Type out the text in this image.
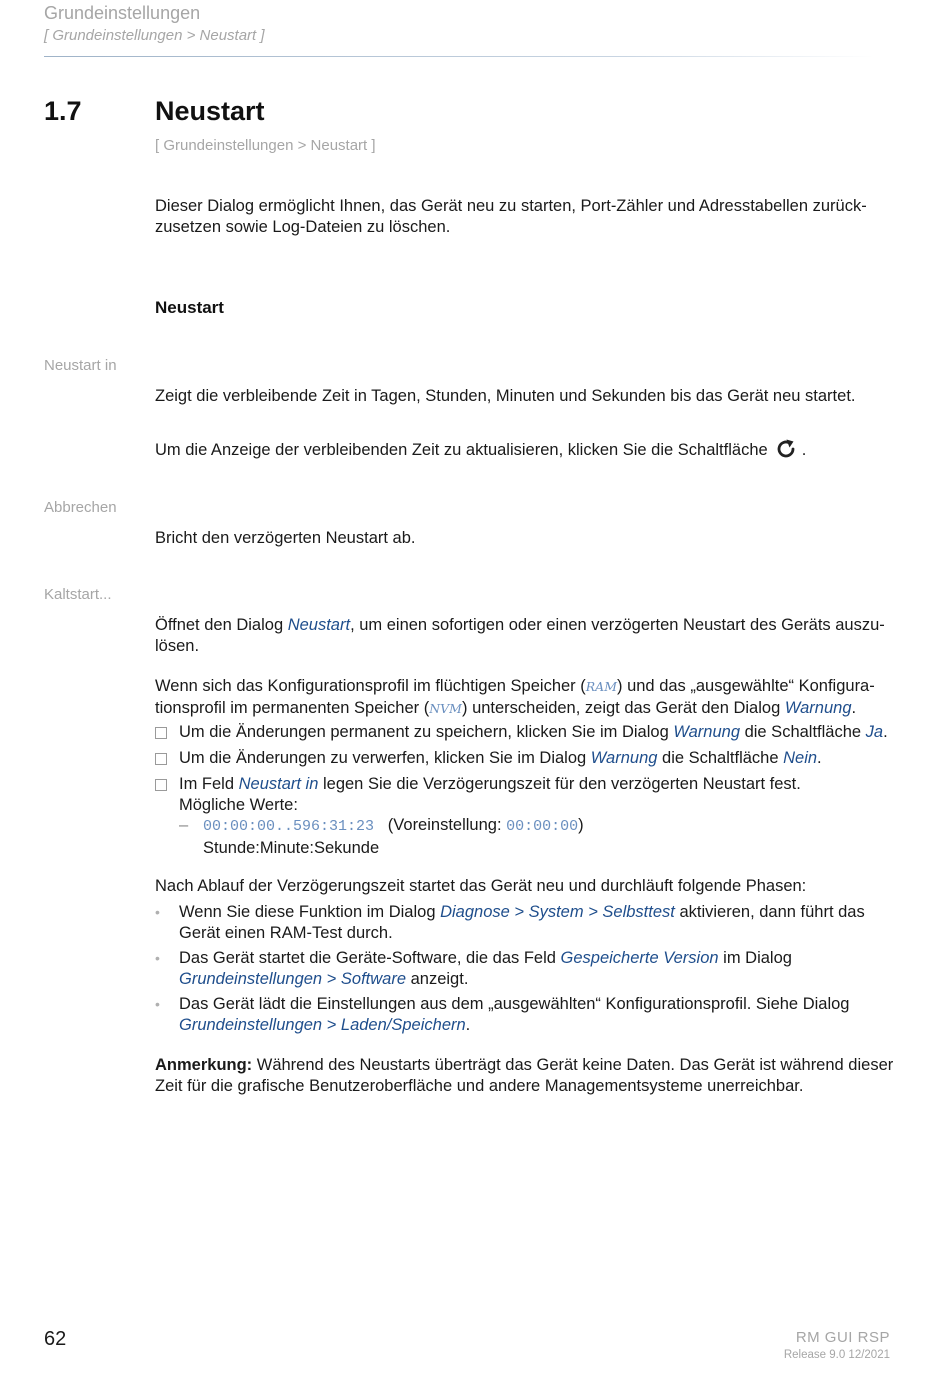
Grundeinstellungen
[ Grundeinstellungen > Neustart ]
1.7	Neustart
[ Grundeinstellungen > Neustart ]
Dieser Dialog ermöglicht Ihnen, das Gerät neu zu starten, Port-Zähler und Adresstabellen zurück-zusetzen sowie Log-Dateien zu löschen.
Neustart
Neustart in
Zeigt die verbleibende Zeit in Tagen, Stunden, Minuten und Sekunden bis das Gerät neu startet.
Um die Anzeige der verbleibenden Zeit zu aktualisieren, klicken Sie die Schaltfläche .
Abbrechen
Bricht den verzögerten Neustart ab.
Kaltstart...
Öffnet den Dialog Neustart, um einen sofortigen oder einen verzögerten Neustart des Geräts auszu-lösen.
Wenn sich das Konfigurationsprofil im flüchtigen Speicher (RAM) und das „ausgewählte“ Konfigura-tionsprofil im permanenten Speicher (NVM) unterscheiden, zeigt das Gerät den Dialog Warnung.
Um die Änderungen permanent zu speichern, klicken Sie im Dialog Warnung die Schaltfläche Ja.
Um die Änderungen zu verwerfen, klicken Sie im Dialog Warnung die Schaltfläche Nein.
Im Feld Neustart in legen Sie die Verzögerungszeit für den verzögerten Neustart fest.
Mögliche Werte:
– 00:00:00..596:31:23 (Voreinstellung: 00:00:00)
Stunde:Minute:Sekunde
Nach Ablauf der Verzögerungszeit startet das Gerät neu und durchläuft folgende Phasen:
•	Wenn Sie diese Funktion im Dialog Diagnose > System > Selbsttest aktivieren, dann führt das Gerät einen RAM-Test durch.
•	Das Gerät startet die Geräte-Software, die das Feld Gespeicherte Version im Dialog Grundeinstellungen > Software anzeigt.
•	Das Gerät lädt die Einstellungen aus dem „ausgewählten“ Konfigurationsprofil. Siehe Dialog Grundeinstellungen > Laden/Speichern.
Anmerkung: Während des Neustarts überträgt das Gerät keine Daten. Das Gerät ist während dieser Zeit für die grafische Benutzeroberfläche und andere Managementsysteme unerreichbar.
62	RM GUI RSP
Release 9.0 12/2021
